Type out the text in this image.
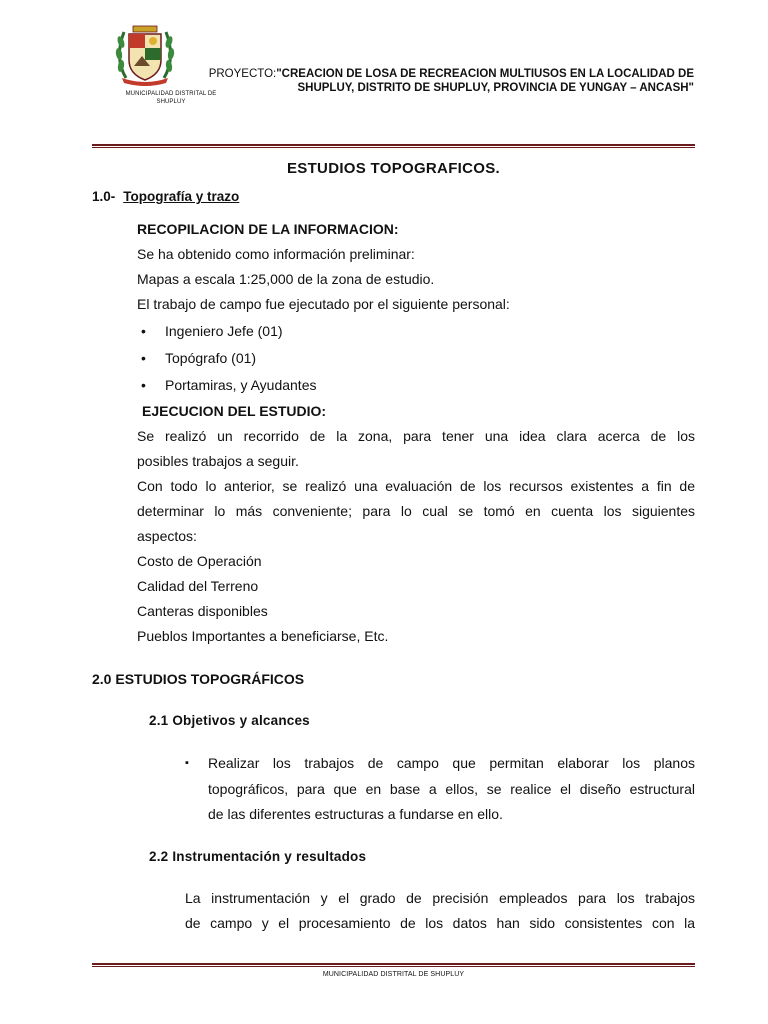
MUNICIPALIDAD DISTRITAL DE
SHUPLUY
PROYECTO:"CREACION DE LOSA DE RECREACION MULTIUSOS EN LA LOCALIDAD DE
SHUPLUY, DISTRITO DE SHUPLUY, PROVINCIA DE YUNGAY – ANCASH"
ESTUDIOS TOPOGRAFICOS.
1.0- Topografía y trazo
RECOPILACION DE LA INFORMACION:
Se ha obtenido como información preliminar:
Mapas a escala 1:25,000 de la zona de estudio.
El trabajo de campo fue ejecutado por el siguiente personal:
• Ingeniero Jefe (01)
• Topógrafo (01)
• Portamiras, y Ayudantes
EJECUCION DEL ESTUDIO:
Se realizó un recorrido de la zona, para tener una idea clara acerca de los
posibles trabajos a seguir.
Con todo lo anterior, se realizó una evaluación de los recursos existentes a fin de
determinar lo más conveniente; para lo cual se tomó en cuenta los siguientes
aspectos:
Costo de Operación
Calidad del Terreno
Canteras disponibles
Pueblos Importantes a beneficiarse, Etc.
2.0 ESTUDIOS TOPOGRÁFICOS
2.1 Objetivos y alcances
▪ Realizar los trabajos de campo que permitan elaborar los planos
topográficos, para que en base a ellos, se realice el diseño estructural
de las diferentes estructuras a fundarse en ello.
2.2 Instrumentación y resultados
La instrumentación y el grado de precisión empleados para los trabajos
de campo y el procesamiento de los datos han sido consistentes con la
MUNICIPALIDAD DISTRITAL DE SHUPLUY
